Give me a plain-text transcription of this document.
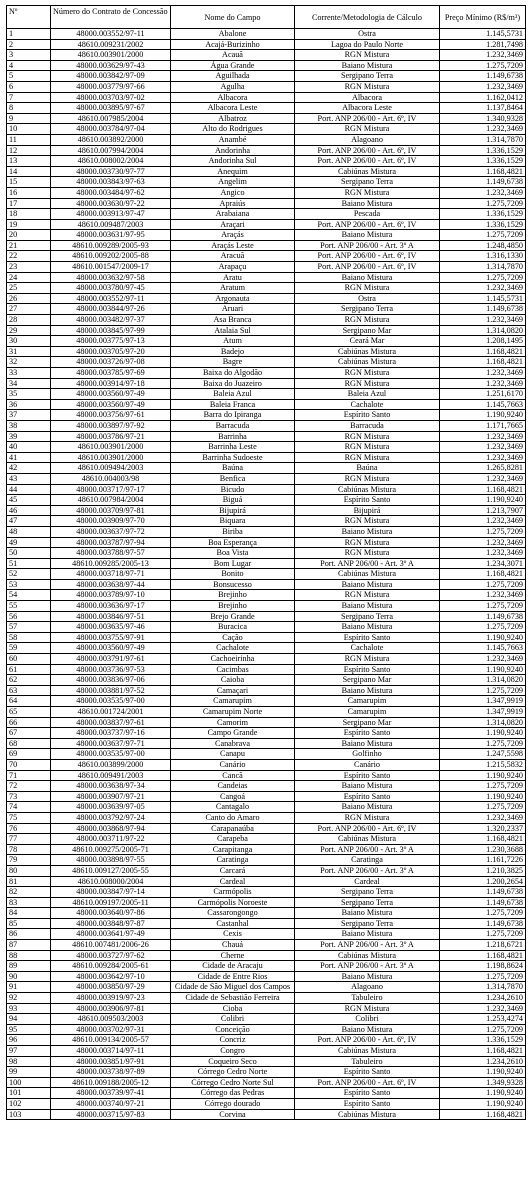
Nº	Número do Contrato de Concessão	Nome do Campo	Corrente/Metodologia de Cálculo	Preço Mínimo (R$/m³)
1	48000.003552/97-11	Abalone	Ostra	1.145,5731
2	48610.009231/2002	Acajá-Burizinho	Lagoa do Paulo Norte	1.281,7498
3	48610.003901/2000	Acauã	RGN Mistura	1.232,3469
4	48000.003629/97-43	Água Grande	Baiano Mistura	1.275,7209
5	48000.003842/97-09	Aguilhada	Sergipano Terra	1.149,6738
6	48000.003779/97-66	Agulha	RGN Mistura	1.232,3469
7	48000.003703/97-02	Albacora	Albacora	1.162,0412
8	48000.003895/97-67	Albacora Leste	Albacora Leste	1.137,8464
9	48610.007985/2004	Albatroz	Port. ANP 206/00 - Art. 6º, IV	1.340,9328
10	48000.003784/97-04	Alto do Rodrigues	RGN Mistura	1.232,3469
11	48610.003892/2000	Anambé	Alagoano	1.314,7870
12	48610.007994/2004	Andorinha	Port. ANP 206/00 - Art. 6º, IV	1.336,1529
13	48610.008002/2004	Andorinha Sul	Port. ANP 206/00 - Art. 6º, IV	1.336,1529
14	48000.003730/97-77	Anequim	Cabiúnas Mistura	1.168,4821
15	48000.003843/97-63	Angelim	Sergipano Terra	1.149,6738
16	48000.003484/97-62	Angico	RGN Mistura	1.232,3469
17	48000.003630/97-22	Apraiús	Baiano Mistura	1.275,7209
18	48000.003913/97-47	Arabaiana	Pescada	1.336,1529
19	48610.009487/2003	Araçari	Port. ANP 206/00 - Art. 6º, IV	1.336,1529
20	48000.003631/97-95	Araçás	Baiano Mistura	1.275,7209
21	48610.009289/2005-93	Araçás Leste	Port. ANP 206/00 - Art. 3º A	1.248,4850
22	48610.009202/2005-88	Aracuã	Port. ANP 206/00 - Art. 6º, IV	1.316,1330
23	48610.001547/2009-17	Arapaçu	Port. ANP 206/00 - Art. 6º, IV	1.314,7870
24	48000.003632/97-58	Aratu	Baiano Mistura	1.275,7209
25	48000.003780/97-45	Aratum	RGN Mistura	1.232,3469
26	48000.003552/97-11	Argonauta	Ostra	1.145,5731
27	48000.003844/97-26	Aruari	Sergipano Terra	1.149,6738
28	48000.003482/97-37	Asa Branca	RGN Mistura	1.232,3469
29	48000.003845/97-99	Atalaia Sul	Sergipano Mar	1.314,0820
30	48000.003775/97-13	Atum	Ceará Mar	1.208,1495
31	48000.003705/97-20	Badejo	Cabiúnas Mistura	1.168,4821
32	48000.003726/97-08	Bagre	Cabiúnas Mistura	1.168,4821
33	48000.003785/97-69	Baixa do Algodão	RGN Mistura	1.232,3469
34	48000.003914/97-18	Baixa do Juazeiro	RGN Mistura	1.232,3469
35	48000.003560/97-49	Baleia Azul	Baleia Azul	1.251,6170
36	48000.003560/97-49	Baleia Franca	Cachalote	1.145,7663
37	48000.003756/97-61	Barra do Ipiranga	Espírito Santo	1.190,9240
38	48000.003897/97-92	Barracuda	Barracuda	1.171,7665
39	48000.003786/97-21	Barrinha	RGN Mistura	1.232,3469
40	48610.003901/2000	Barrinha Leste	RGN Mistura	1.232,3469
41	48610.003901/2000	Barrinha Sudoeste	RGN Mistura	1.232,3469
42	48610.009494/2003	Baúna	Baúna	1.265,8281
43	48610.004003/98	Benfica	RGN Mistura	1.232,3469
44	48000.003717/97-17	Bicudo	Cabiúnas Mistura	1.168,4821
45	48610.007984/2004	Biguá	Espírito Santo	1.190,9240
46	48000.003709/97-81	Bijupirá	Bijupirá	1.213,7907
47	48000.003909/97-70	Biquara	RGN Mistura	1.232,3469
48	48000.003637/97-72	Biriba	Baiano Mistura	1.275,7209
49	48000.003787/97-94	Boa Esperança	RGN Mistura	1.232,3469
50	48000.003788/97-57	Boa Vista	RGN Mistura	1.232,3469
51	48610.009285/2005-13	Bom Lugar	Port. ANP 206/00 - Art. 3º A	1.234,3071
52	48000.003718/97-71	Bonito	Cabiúnas Mistura	1.168,4821
53	48000.003638/97-44	Bonsucesso	Baiano Mistura	1.275,7209
54	48000.003789/97-10	Brejinho	RGN Mistura	1.232,3469
55	48000.003636/97-17	Brejinho	Baiano Mistura	1.275,7209
56	48000.003846/97-51	Brejo Grande	Sergipano Terra	1.149,6738
57	48000.003635/97-46	Buracica	Baiano Mistura	1.275,7209
58	48000.003755/97-91	Cação	Espírito Santo	1.190,9240
59	48000.003560/97-49	Cachalote	Cachalote	1.145,7663
60	48000.003791/97-61	Cachoeirinha	RGN Mistura	1.232,3469
61	48000.003736/97-53	Cacimbas	Espírito Santo	1.190,9240
62	48000.003836/97-06	Caioba	Sergipano Mar	1.314,0820
63	48000.003881/97-52	Camaçari	Baiano Mistura	1.275,7209
64	48000.003535/97-00	Camarupim	Camarupim	1.347,9919
65	48610.001724/2001	Camarupim Norte	Camarupim	1.347,9919
66	48000.003837/97-61	Camorim	Sergipano Mar	1.314,0820
67	48000.003737/97-16	Campo Grande	Espírito Santo	1.190,9240
68	48000.003637/97-71	Canabrava	Baiano Mistura	1.275,7209
69	48000.003535/97-00	Canapu	Golfinho	1.247,5598
70	48610.003899/2000	Canário	Canário	1.215,5832
71	48610.009491/2003	Cancã	Espírito Santo	1.190,9240
72	48000.003638/97-34	Candeias	Baiano Mistura	1.275,7209
73	48000.003907/97-21	Cangoá	Espírito Santo	1.190,9240
74	48000.003639/97-05	Cantagalo	Baiano Mistura	1.275,7209
75	48000.003792/97-24	Canto do Amaro	RGN Mistura	1.232,3469
76	48000.003868/97-94	Carapanaúba	Port. ANP 206/00 - Art. 6º, IV	1.320,2337
77	48000.003711/97-22	Carapeba	Cabiúnas Mistura	1.168,4821
78	48610.009275/2005-71	Carapitanga	Port. ANP 206/00 - Art. 3º A	1.230,3688
79	48000.003898/97-55	Caratinga	Caratinga	1.161,7226
80	48610.009127/2005-55	Carcará	Port. ANP 206/00 - Art. 3º A	1.210,3825
81	48610.008000/2004	Cardeal	Cardeal	1.200,2654
82	48000.003847/97-14	Carmópolis	Sergipano Terra	1.149,6738
83	48610.009197/2005-11	Carmópolis Noroeste	Sergipano Terra	1.149,6738
84	48000.003640/97-86	Cassarongongo	Baiano Mistura	1.275,7209
85	48000.003848/97-87	Castanhal	Sergipano Terra	1.149,6738
86	48000.003641/97-49	Cexis	Baiano Mistura	1.275,7209
87	48610.007481/2006-26	Chauá	Port. ANP 206/00 - Art. 3º A	1.218,6721
88	48000.003727/97-62	Cherne	Cabiúnas Mistura	1.168,4821
89	48610.009284/2005-61	Cidade de Aracaju	Port. ANP 206/00 - Art. 3º A	1.198,8624
90	48000.003642/97-10	Cidade de Entre Rios	Baiano Mistura	1.275,7209
91	48000.003850/97-29	Cidade de São Miguel dos Campos	Alagoano	1.314,7870
92	48000.003919/97-23	Cidade de Sebastião Ferreira	Tabuleiro	1.234,2610
93	48000.003906/97-81	Cioba	RGN Mistura	1.232,3469
94	48610.009503/2003	Colibri	Colibri	1.253,4274
95	48000.003702/97-31	Conceição	Baiano Mistura	1.275,7209
96	48610.009134/2005-57	Concriz	Port. ANP 206/00 - Art. 6º, IV	1.336,1529
97	48000.003714/97-11	Congro	Cabiúnas Mistura	1.168,4821
98	48000.003851/97-91	Coqueiro Seco	Tabuleiro	1.234,2610
99	48000.003738/97-89	Córrego Cedro Norte	Espírito Santo	1.190,9240
100	48610.009188/2005-12	Córrego Cedro Norte Sul	Port. ANP 206/00 - Art. 6º, IV	1.349,9328
101	48000.003739/97-41	Córrego das Pedras	Espírito Santo	1.190,9240
102	48000.003740/97-21	Córrego dourado	Espírito Santo	1.190,9240
103	48000.003715/97-83	Corvina	Cabiúnas Mistura	1.168,4821
